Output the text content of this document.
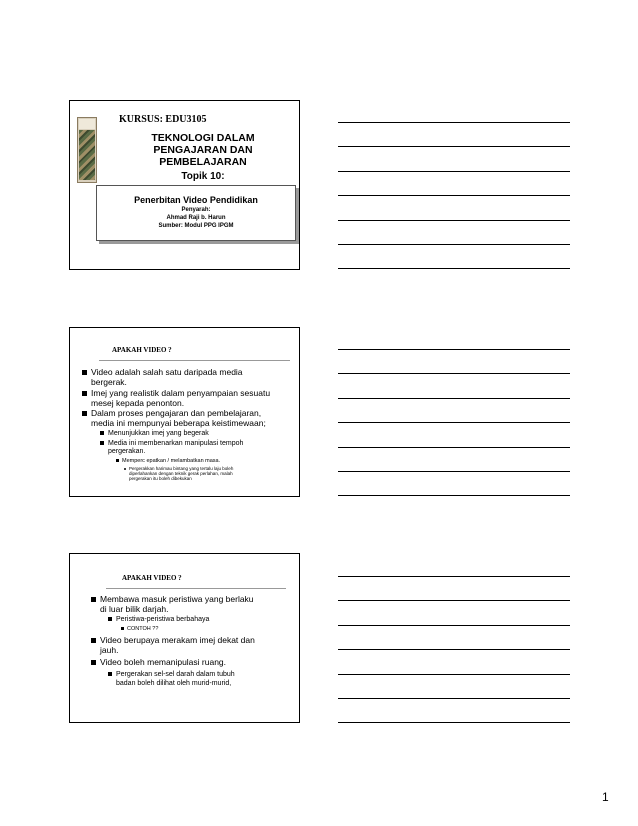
KURSUS: EDU3105
TEKNOLOGI DALAM
PENGAJARAN DAN
PEMBELAJARAN
Topik 10:
Penerbitan Video Pendidikan
Penyarah:
Ahmad Raji b. Harun
Sumber: Modul PPG IPGM
APAKAH VIDEO ?
Video adalah salah satu daripada media
bergerak.
Imej yang realistik dalam penyampaian sesuatu
mesej kepada penonton.
Dalam proses pengajaran dan pembelajaran,
media ini mempunyai beberapa keistimewaan;
Menunjukkan imej yang begerak
Media ini membenarkan manipulasi tempoh
pergerakan.
Memperc epatkan / melambatkan masa.
Pergerakkan harimau bintang yang tertalu laju boleh
diperlahankan dengan teknik gerak perlahan, malah
pergerakan itu boleh dibekukan
APAKAH VIDEO ?
Membawa masuk peristiwa yang berlaku
di luar bilik darjah.
Peristiwa-peristiwa berbahaya
CONTOH ??
Video berupaya merakam imej dekat dan
jauh.
Video boleh memanipulasi ruang.
Pergerakan sel-sel darah dalam tubuh
badan boleh dilihat oleh murid-murid,
1
